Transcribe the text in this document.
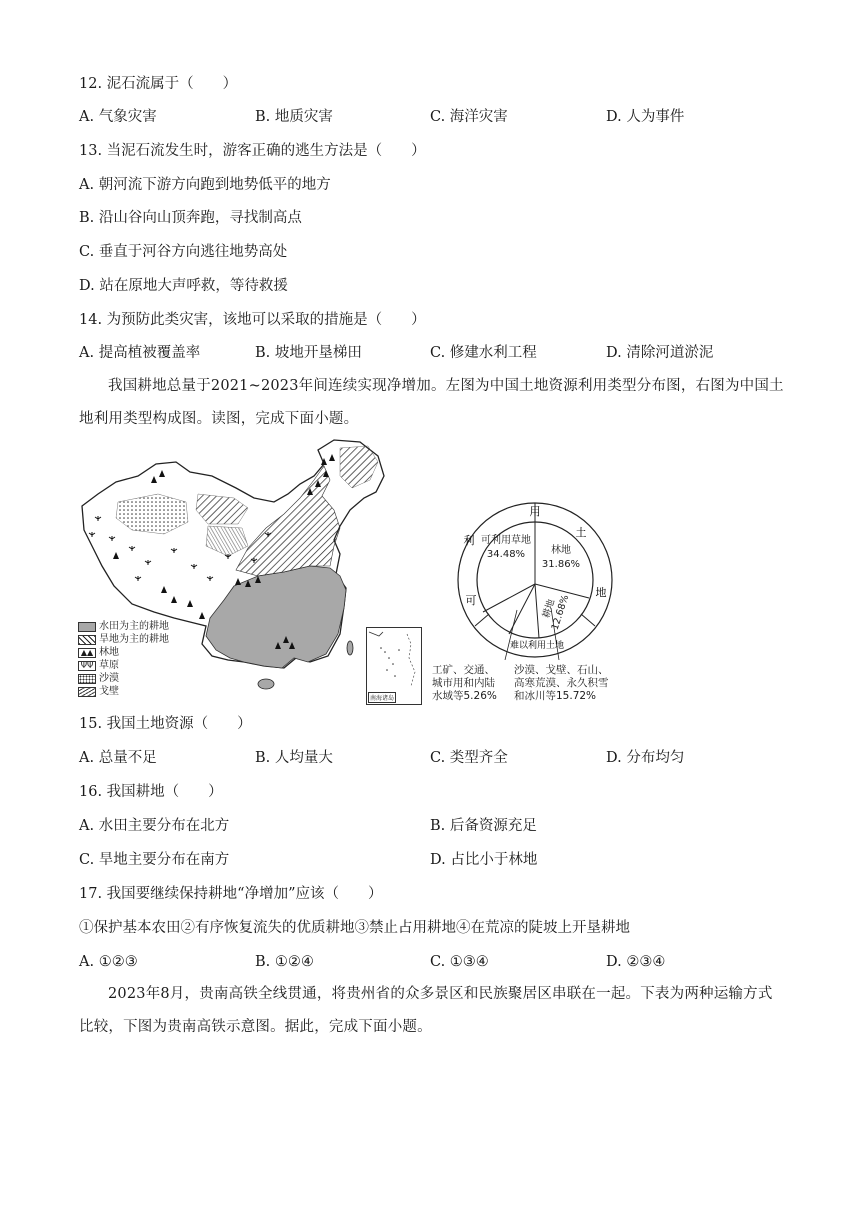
12. 泥石流属于（　　）
A. 气象灾害	B. 地质灾害	C. 海洋灾害	D. 人为事件
13. 当泥石流发生时，游客正确的逃生方法是（　　）
A. 朝河流下游方向跑到地势低平的地方
B. 沿山谷向山顶奔跑，寻找制高点
C. 垂直于河谷方向逃往地势高处
D. 站在原地大声呼救，等待救援
14. 为预防此类灾害，该地可以采取的措施是（　　）
A. 提高植被覆盖率	B. 坡地开垦梯田	C. 修建水利工程	D. 清除河道淤泥
我国耕地总量于2021~2023年间连续实现净增加。左图为中国土地资源利用类型分布图，右图为中国土地利用类型构成图。读图，完成下面小题。
水田为主的耕地
旱地为主的耕地
▲▲ 林地
ΨΨ 草原
沙漠
戈壁
南海诸岛
用
土
地
利
可
难以利用土地
可利用草地34.48%	林地31.86%
耕地12.68%
工矿、交通、城市用和内陆水域等5.26%
沙漠、戈壁、石山、高寒荒漠、永久积雪和冰川等15.72%
15. 我国土地资源（　　）
A. 总量不足	B. 人均量大	C. 类型齐全	D. 分布均匀
16. 我国耕地（　　）
A. 水田主要分布在北方	B. 后备资源充足
C. 旱地主要分布在南方	D. 占比小于林地
17. 我国要继续保持耕地“净增加”应该（　　）
①保护基本农田②有序恢复流失的优质耕地③禁止占用耕地④在荒凉的陡坡上开垦耕地
A. ①②③	B. ①②④	C. ①③④	D. ②③④
2023年8月，贵南高铁全线贯通，将贵州省的众多景区和民族聚居区串联在一起。下表为两种运输方式比较，下图为贵南高铁示意图。据此，完成下面小题。
